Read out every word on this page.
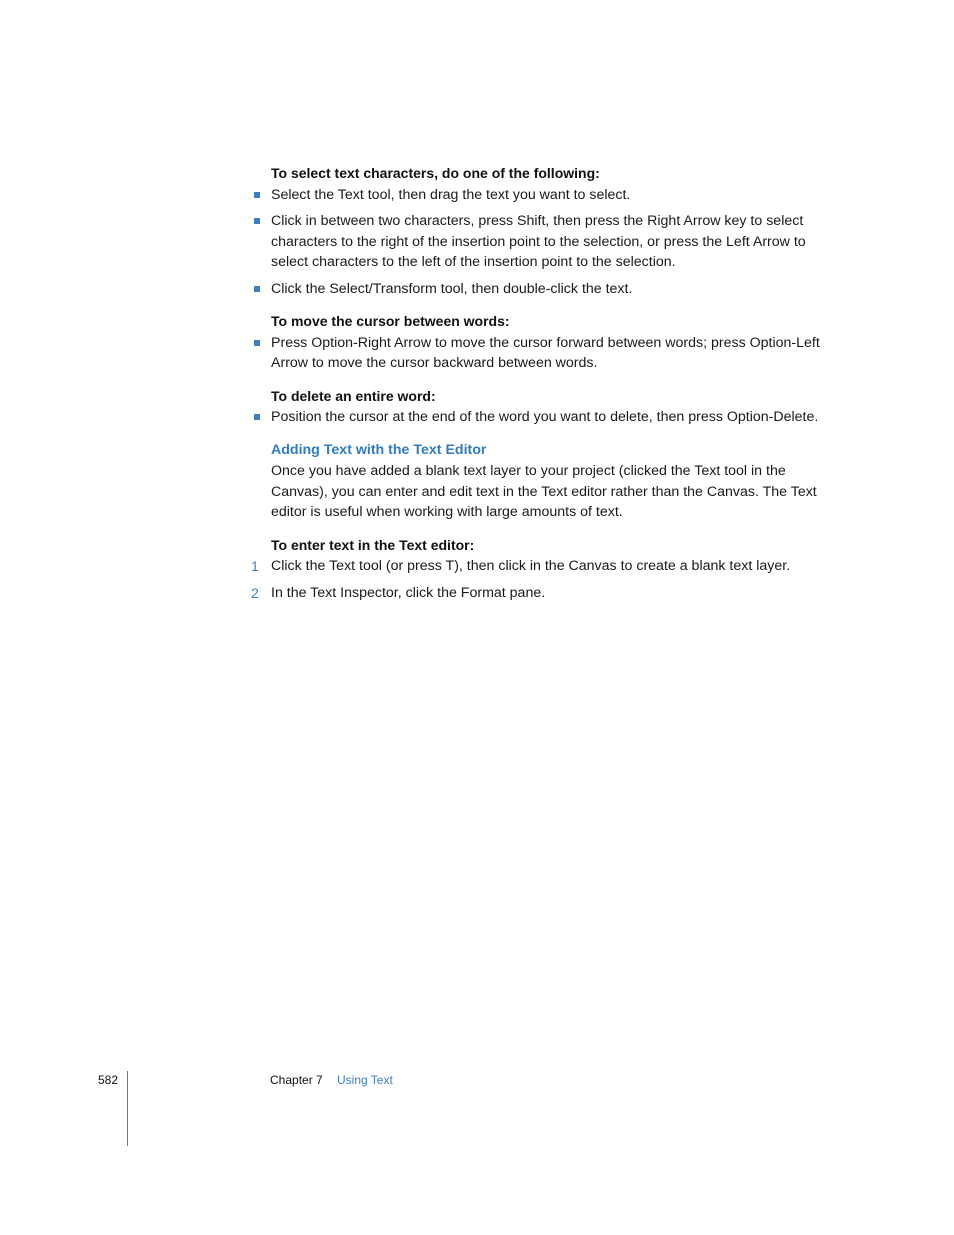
To select text characters, do one of the following:

Select the Text tool, then drag the text you want to select.
Click in between two characters, press Shift, then press the Right Arrow key to select characters to the right of the insertion point to the selection, or press the Left Arrow to select characters to the left of the insertion point to the selection.
Click the Select/Transform tool, then double-click the text.

To move the cursor between words:

Press Option-Right Arrow to move the cursor forward between words; press Option-Left Arrow to move the cursor backward between words.

To delete an entire word:

Position the cursor at the end of the word you want to delete, then press Option-Delete.

Adding Text with the Text Editor

Once you have added a blank text layer to your project (clicked the Text tool in the Canvas), you can enter and edit text in the Text editor rather than the Canvas. The Text editor is useful when working with large amounts of text.

To enter text in the Text editor:

1 Click the Text tool (or press T), then click in the Canvas to create a blank text layer.
2 In the Text Inspector, click the Format pane.
582	Chapter 7 Using Text
